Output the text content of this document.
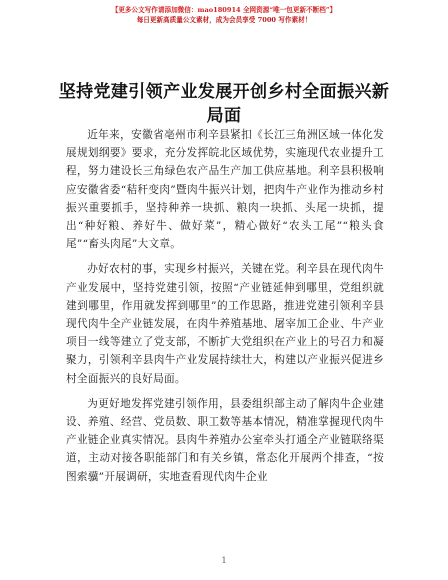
【更多公文写作请添加微信：mao180914 全网资源“唯一包更新不断档”】
每日更新高质量公文素材，成为会员享受 7000 写作素材！
坚持党建引领产业发展开创乡村全面振兴新局面

近年来，安徽省亳州市利辛县紧扣《长江三角洲区域一体化发展规划纲要》要求，充分发挥皖北区域优势，实施现代农业提升工程，努力建设长三角绿色农产品生产加工供应基地。利辛县积极响应安徽省委“秸秆变肉”暨肉牛振兴计划，把肉牛产业作为推动乡村振兴重要抓手，坚持种养一块抓、粮肉一块抓、头尾一块抓，提出“种好粮、养好牛、做好菜”，精心做好“农头工尾”“粮头食尾”“畜头肉尾”大文章。

办好农村的事，实现乡村振兴，关键在党。利辛县在现代肉牛产业发展中，坚持党建引领，按照“产业链延伸到哪里，党组织就建到哪里，作用就发挥到哪里”的工作思路，推进党建引领利辛县现代肉牛全产业链发展，在肉牛养殖基地、屠宰加工企业、牛产业项目一线等建立了党支部，不断扩大党组织在产业上的号召力和凝聚力，引领利辛县肉牛产业发展持续壮大，构建以产业振兴促进乡村全面振兴的良好局面。

为更好地发挥党建引领作用，县委组织部主动了解肉牛企业建设、养殖、经营、党员数、职工数等基本情况，精准掌握现代肉牛产业链企业真实情况。县肉牛养殖办公室牵头打通全产业链联络渠道，主动对接各职能部门和有关乡镇，常态化开展两个排查，“按图索骥”开展调研，实地查看现代肉牛企业

1
